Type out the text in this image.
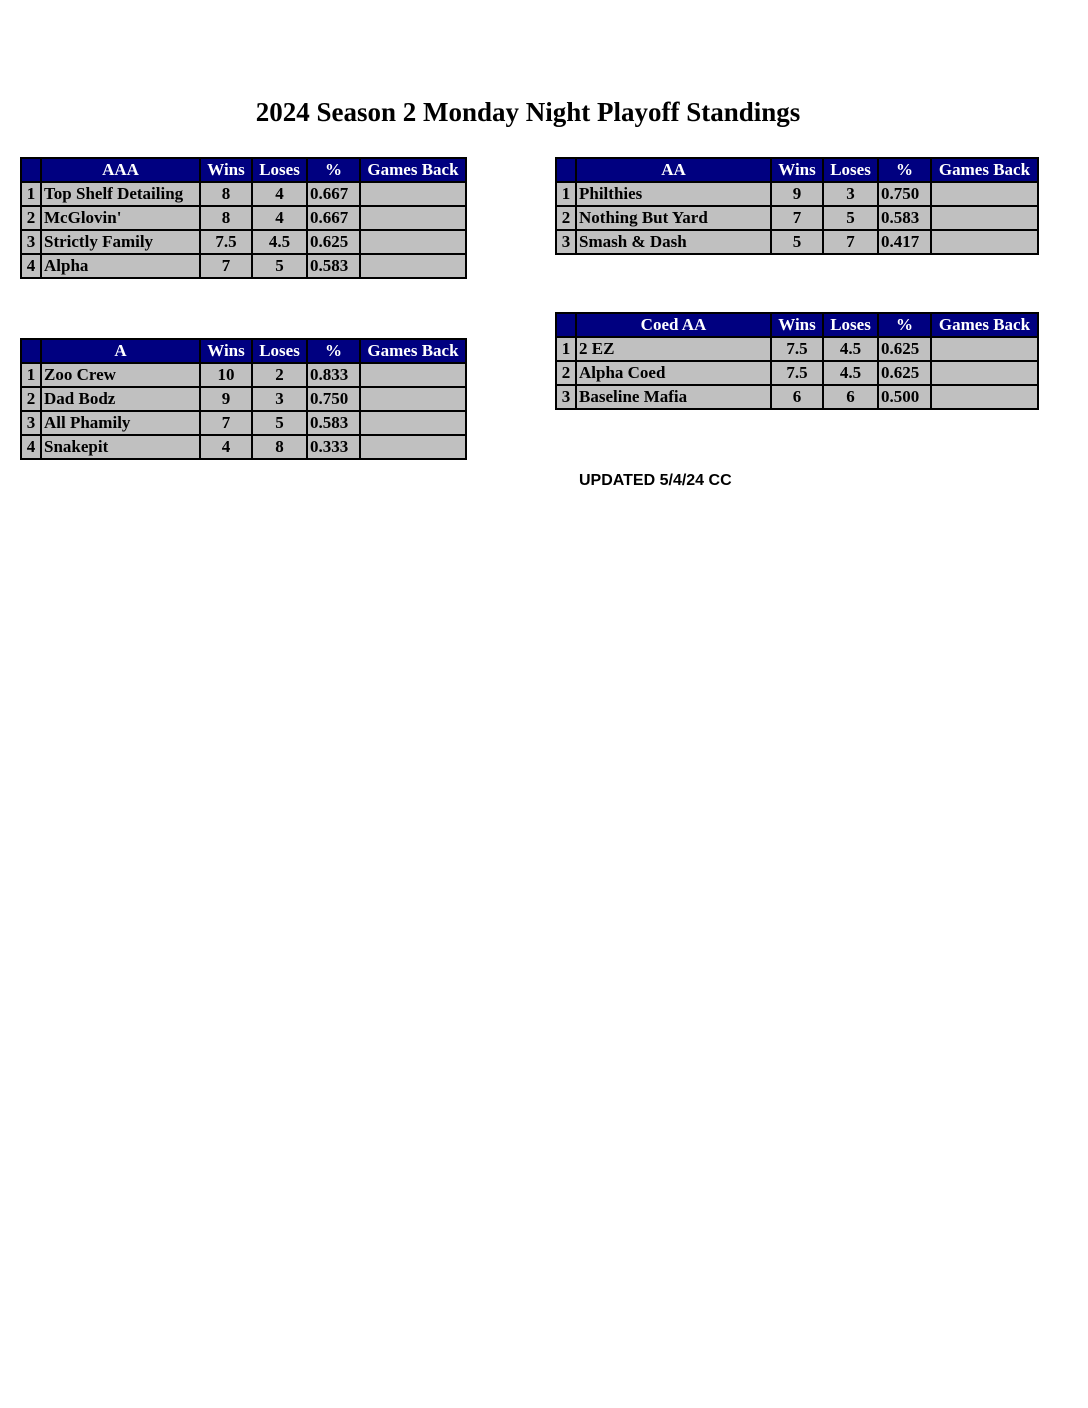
2024 Season 2 Monday Night Playoff Standings
	AAA	Wins	Loses	%	Games Back
1	Top Shelf Detailing	8	4	0.667	
2	McGlovin'	8	4	0.667	
3	Strictly Family	7.5	4.5	0.625	
4	Alpha	7	5	0.583	
	A	Wins	Loses	%	Games Back
1	Zoo Crew	10	2	0.833	
2	Dad Bodz	9	3	0.750	
3	All Phamily	7	5	0.583	
4	Snakepit	4	8	0.333	
	AA	Wins	Loses	%	Games Back
1	Philthies	9	3	0.750	
2	Nothing But Yard	7	5	0.583	
3	Smash & Dash	5	7	0.417	
	Coed AA	Wins	Loses	%	Games Back
1	2 EZ	7.5	4.5	0.625	
2	Alpha Coed	7.5	4.5	0.625	
3	Baseline Mafia	6	6	0.500	
UPDATED 5/4/24 CC
